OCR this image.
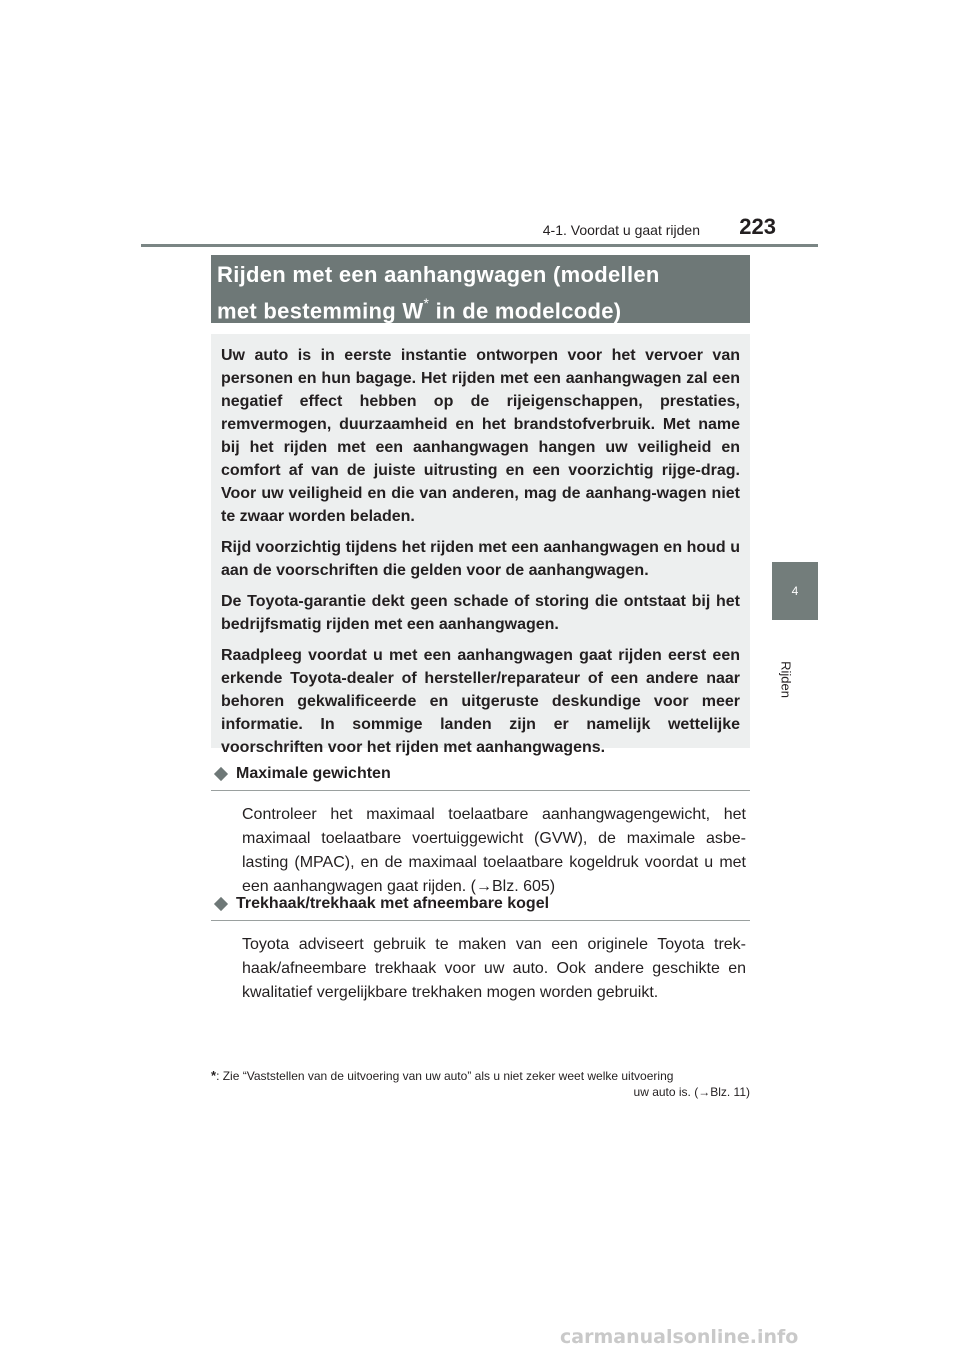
4-1. Voordat u gaat rijden	223
4
Rijden
Rijden met een aanhangwagen (modellen
met bestemming W* in de modelcode)

Uw auto is in eerste instantie ontworpen voor het vervoer van personen en hun bagage. Het rijden met een aanhangwagen zal een negatief effect hebben op de rijeigenschappen, prestaties, remvermogen, duurzaamheid en het brandstofverbruik. Met name bij het rijden met een aanhangwagen hangen uw veiligheid en comfort af van de juiste uitrusting en een voorzichtig rijge-drag. Voor uw veiligheid en die van anderen, mag de aanhang-wagen niet te zwaar worden beladen.

Rijd voorzichtig tijdens het rijden met een aanhangwagen en houd u aan de voorschriften die gelden voor de aanhangwagen.

De Toyota-garantie dekt geen schade of storing die ontstaat bij het bedrijfsmatig rijden met een aanhangwagen.

Raadpleeg voordat u met een aanhangwagen gaat rijden eerst een erkende Toyota-dealer of hersteller/reparateur of een andere naar behoren gekwalificeerde en uitgeruste deskundige voor meer informatie. In sommige landen zijn er namelijk wettelijke voorschriften voor het rijden met aanhangwagens.

Maximale gewichten
Controleer het maximaal toelaatbare aanhangwagengewicht, het maximaal toelaatbare voertuiggewicht (GVW), de maximale asbe-lasting (MPAC), en de maximaal toelaatbare kogeldruk voordat u met een aanhangwagen gaat rijden. (→Blz. 605)
Trekhaak/trekhaak met afneembare kogel
Toyota adviseert gebruik te maken van een originele Toyota trek-haak/afneembare trekhaak voor uw auto. Ook andere geschikte en kwalitatief vergelijkbare trekhaken mogen worden gebruikt.
*: Zie “Vaststellen van de uitvoering van uw auto” als u niet zeker weet welke uitvoering
uw auto is. (→Blz. 11)
carmanualsonline.info
